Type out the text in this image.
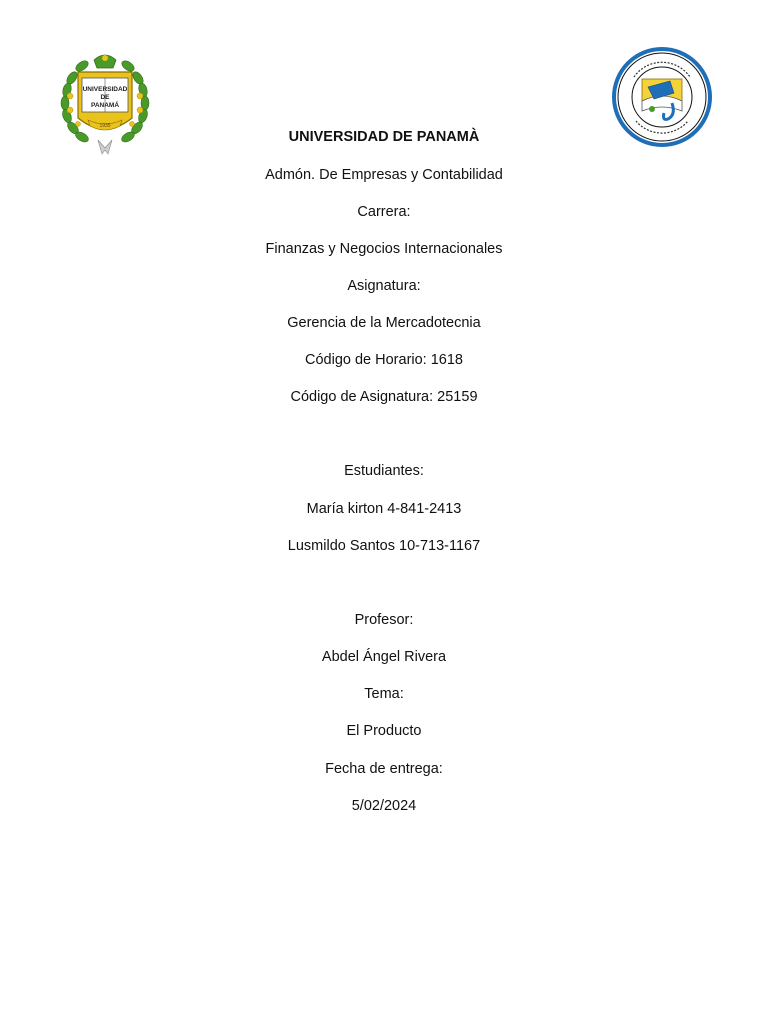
UNIVERSIDAD
DE
PANAMÁ
1935
UNIVERSIDAD DE PANAMÀ
Admón. De Empresas y Contabilidad
Carrera:
Finanzas y Negocios Internacionales
Asignatura:
Gerencia de la Mercadotecnia
Código de Horario: 1618
Código de Asignatura: 25159
Estudiantes:
María kirton 4-841-2413
Lusmildo Santos 10-713-1167
Profesor:
Abdel Ángel Rivera
Tema:
El Producto
Fecha de entrega:
5/02/2024
